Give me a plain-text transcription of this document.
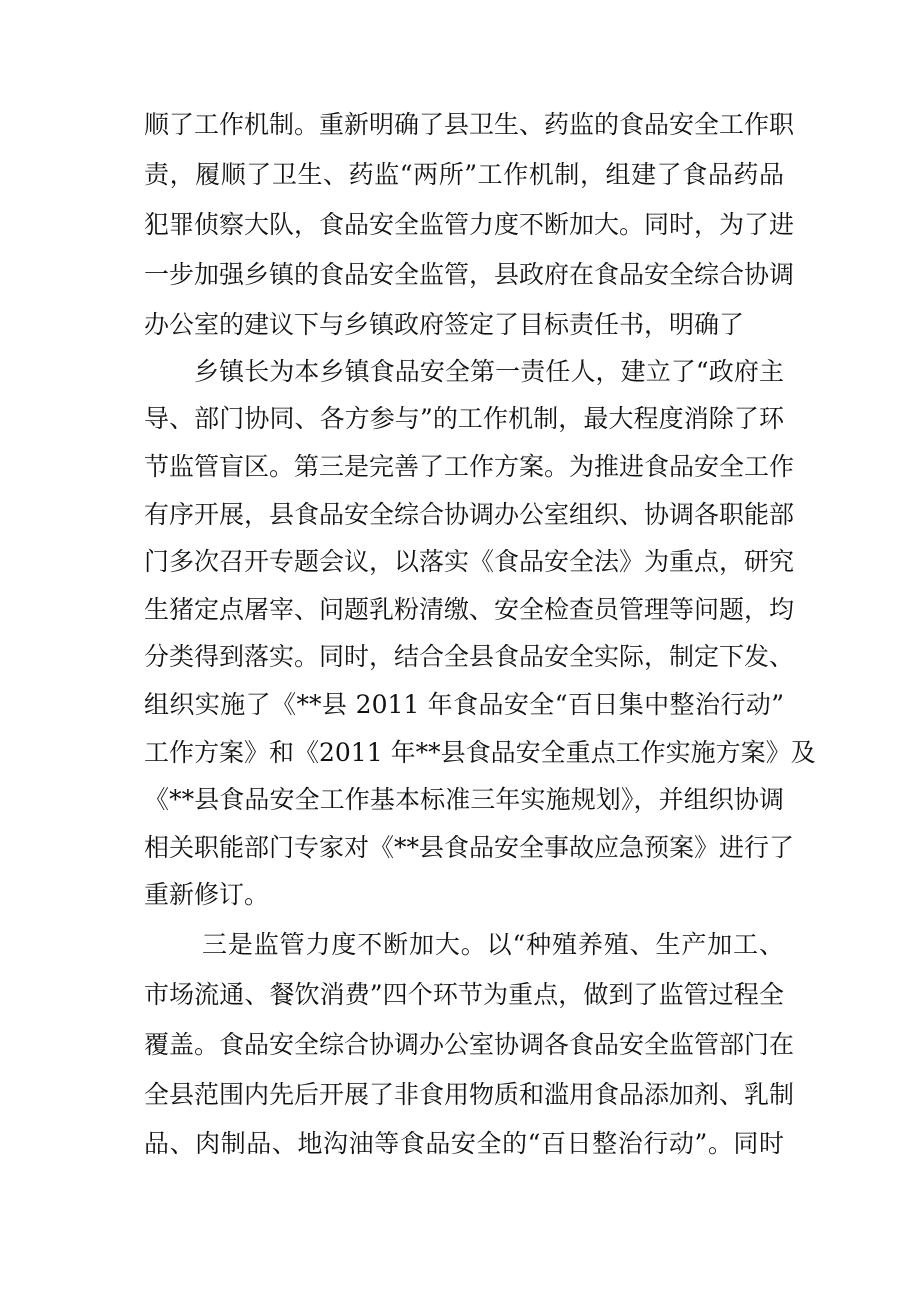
顺了工作机制。重新明确了县卫生、药监的食品安全工作职
责，履顺了卫生、药监“两所”工作机制，组建了食品药品
犯罪侦察大队，食品安全监管力度不断加大。同时，为了进
一步加强乡镇的食品安全监管，县政府在食品安全综合协调
办公室的建议下与乡镇政府签定了目标责任书，明确了
乡镇长为本乡镇食品安全第一责任人，建立了“政府主
导、部门协同、各方参与”的工作机制，最大程度消除了环
节监管盲区。第三是完善了工作方案。为推进食品安全工作
有序开展，县食品安全综合协调办公室组织、协调各职能部
门多次召开专题会议，以落实《食品安全法》为重点，研究
生猪定点屠宰、问题乳粉清缴、安全检查员管理等问题，均
分类得到落实。同时，结合全县食品安全实际，制定下发、
组织实施了《**县 2011 年食品安全“百日集中整治行动”
工作方案》和《2011 年**县食品安全重点工作实施方案》及
《**县食品安全工作基本标准三年实施规划》，并组织协调
相关职能部门专家对《**县食品安全事故应急预案》进行了
重新修订。
三是监管力度不断加大。以“种殖养殖、生产加工、
市场流通、餐饮消费”四个环节为重点，做到了监管过程全
覆盖。食品安全综合协调办公室协调各食品安全监管部门在
全县范围内先后开展了非食用物质和滥用食品添加剂、乳制
品、肉制品、地沟油等食品安全的“百日整治行动”。同时
